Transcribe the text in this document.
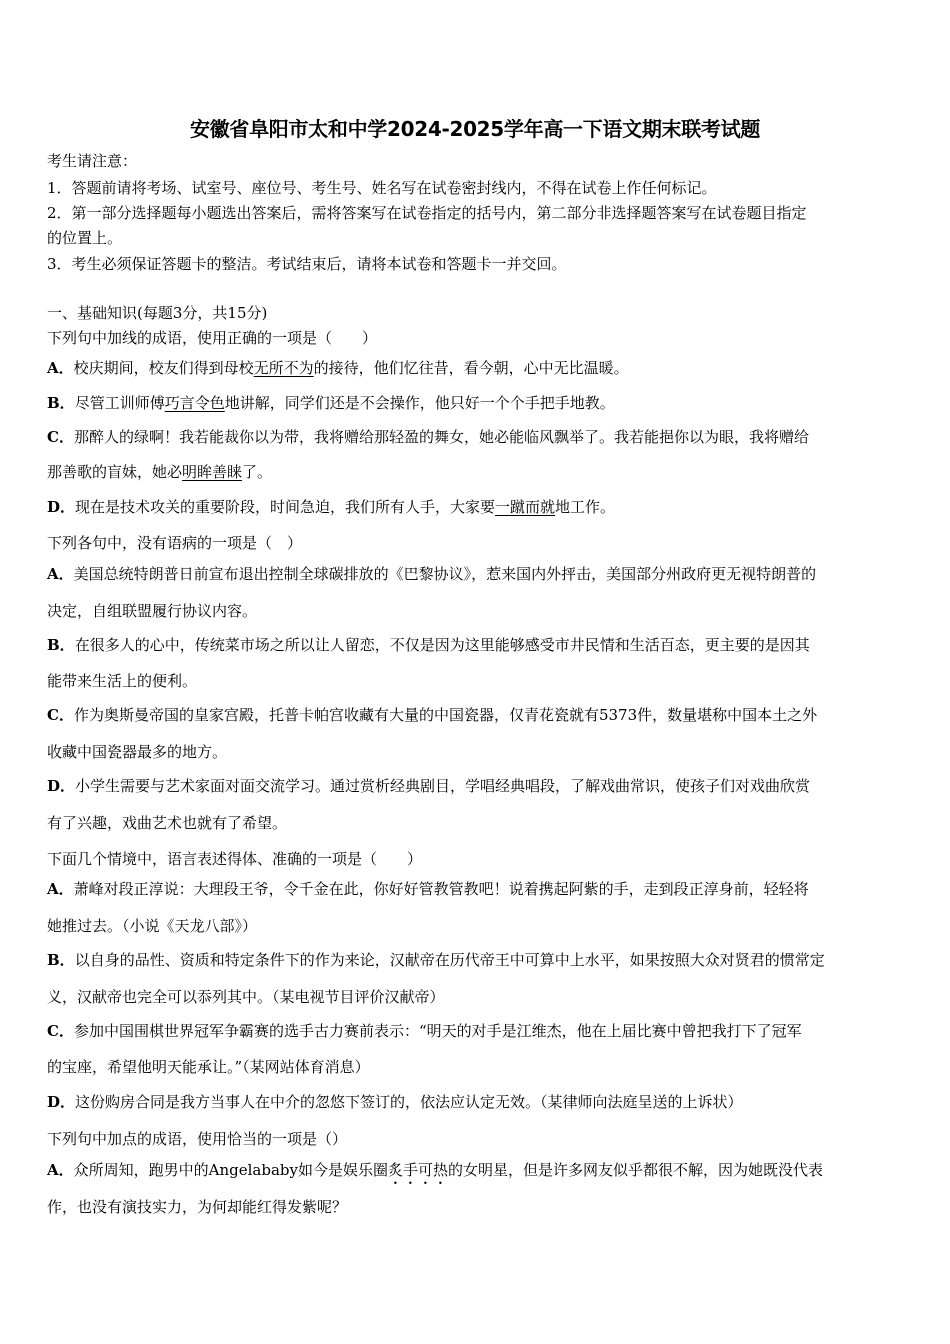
安徽省阜阳市太和中学2024-2025学年高一下语文期末联考试题
考生请注意：
1．答题前请将考场、试室号、座位号、考生号、姓名写在试卷密封线内，不得在试卷上作任何标记。
2．第一部分选择题每小题选出答案后，需将答案写在试卷指定的括号内，第二部分非选择题答案写在试卷题目指定
的位置上。
3．考生必须保证答题卡的整洁。考试结束后，请将本试卷和答题卡一并交回。
一、基础知识(每题3分，共15分)
下列句中加线的成语，使用正确的一项是（　　）
A．校庆期间，校友们得到母校无所不为的接待，他们忆往昔，看今朝，心中无比温暖。
B．尽管工训师傅巧言令色地讲解，同学们还是不会操作，他只好一个个手把手地教。
C．那醉人的绿啊！我若能裁你以为带，我将赠给那轻盈的舞女，她必能临风飘举了。我若能挹你以为眼，我将赠给
那善歌的盲妹，她必明眸善睐了。
D．现在是技术攻关的重要阶段，时间急迫，我们所有人手，大家要一蹴而就地工作。
下列各句中，没有语病的一项是（　）
A．美国总统特朗普日前宣布退出控制全球碳排放的《巴黎协议》，惹来国内外抨击，美国部分州政府更无视特朗普的
决定，自组联盟履行协议内容。
B．在很多人的心中，传统菜市场之所以让人留恋，不仅是因为这里能够感受市井民情和生活百态，更主要的是因其
能带来生活上的便利。
C．作为奥斯曼帝国的皇家宫殿，托普卡帕宫收藏有大量的中国瓷器，仅青花瓷就有5373件，数量堪称中国本土之外
收藏中国瓷器最多的地方。
D．小学生需要与艺术家面对面交流学习。通过赏析经典剧目，学唱经典唱段，了解戏曲常识，使孩子们对戏曲欣赏
有了兴趣，戏曲艺术也就有了希望。
下面几个情境中，语言表述得体、准确的一项是（　　）
A．萧峰对段正淳说：大理段王爷，令千金在此，你好好管教管教吧！说着携起阿紫的手，走到段正淳身前，轻轻将
她推过去。（小说《天龙八部》）
B．以自身的品性、资质和特定条件下的作为来论，汉献帝在历代帝王中可算中上水平，如果按照大众对贤君的惯常定
义，汉献帝也完全可以忝列其中。（某电视节目评价汉献帝）
C．参加中国围棋世界冠军争霸赛的选手古力赛前表示：“明天的对手是江维杰，他在上届比赛中曾把我打下了冠军
的宝座，希望他明天能承让。”（某网站体育消息）
D．这份购房合同是我方当事人在中介的忽悠下签订的，依法应认定无效。（某律师向法庭呈送的上诉状）
下列句中加点的成语，使用恰当的一项是（）
A．众所周知，跑男中的Angelababy如今是娱乐圈炙手可热的女明星，但是许多网友似乎都很不解，因为她既没代表
作，也没有演技实力，为何却能红得发紫呢？
